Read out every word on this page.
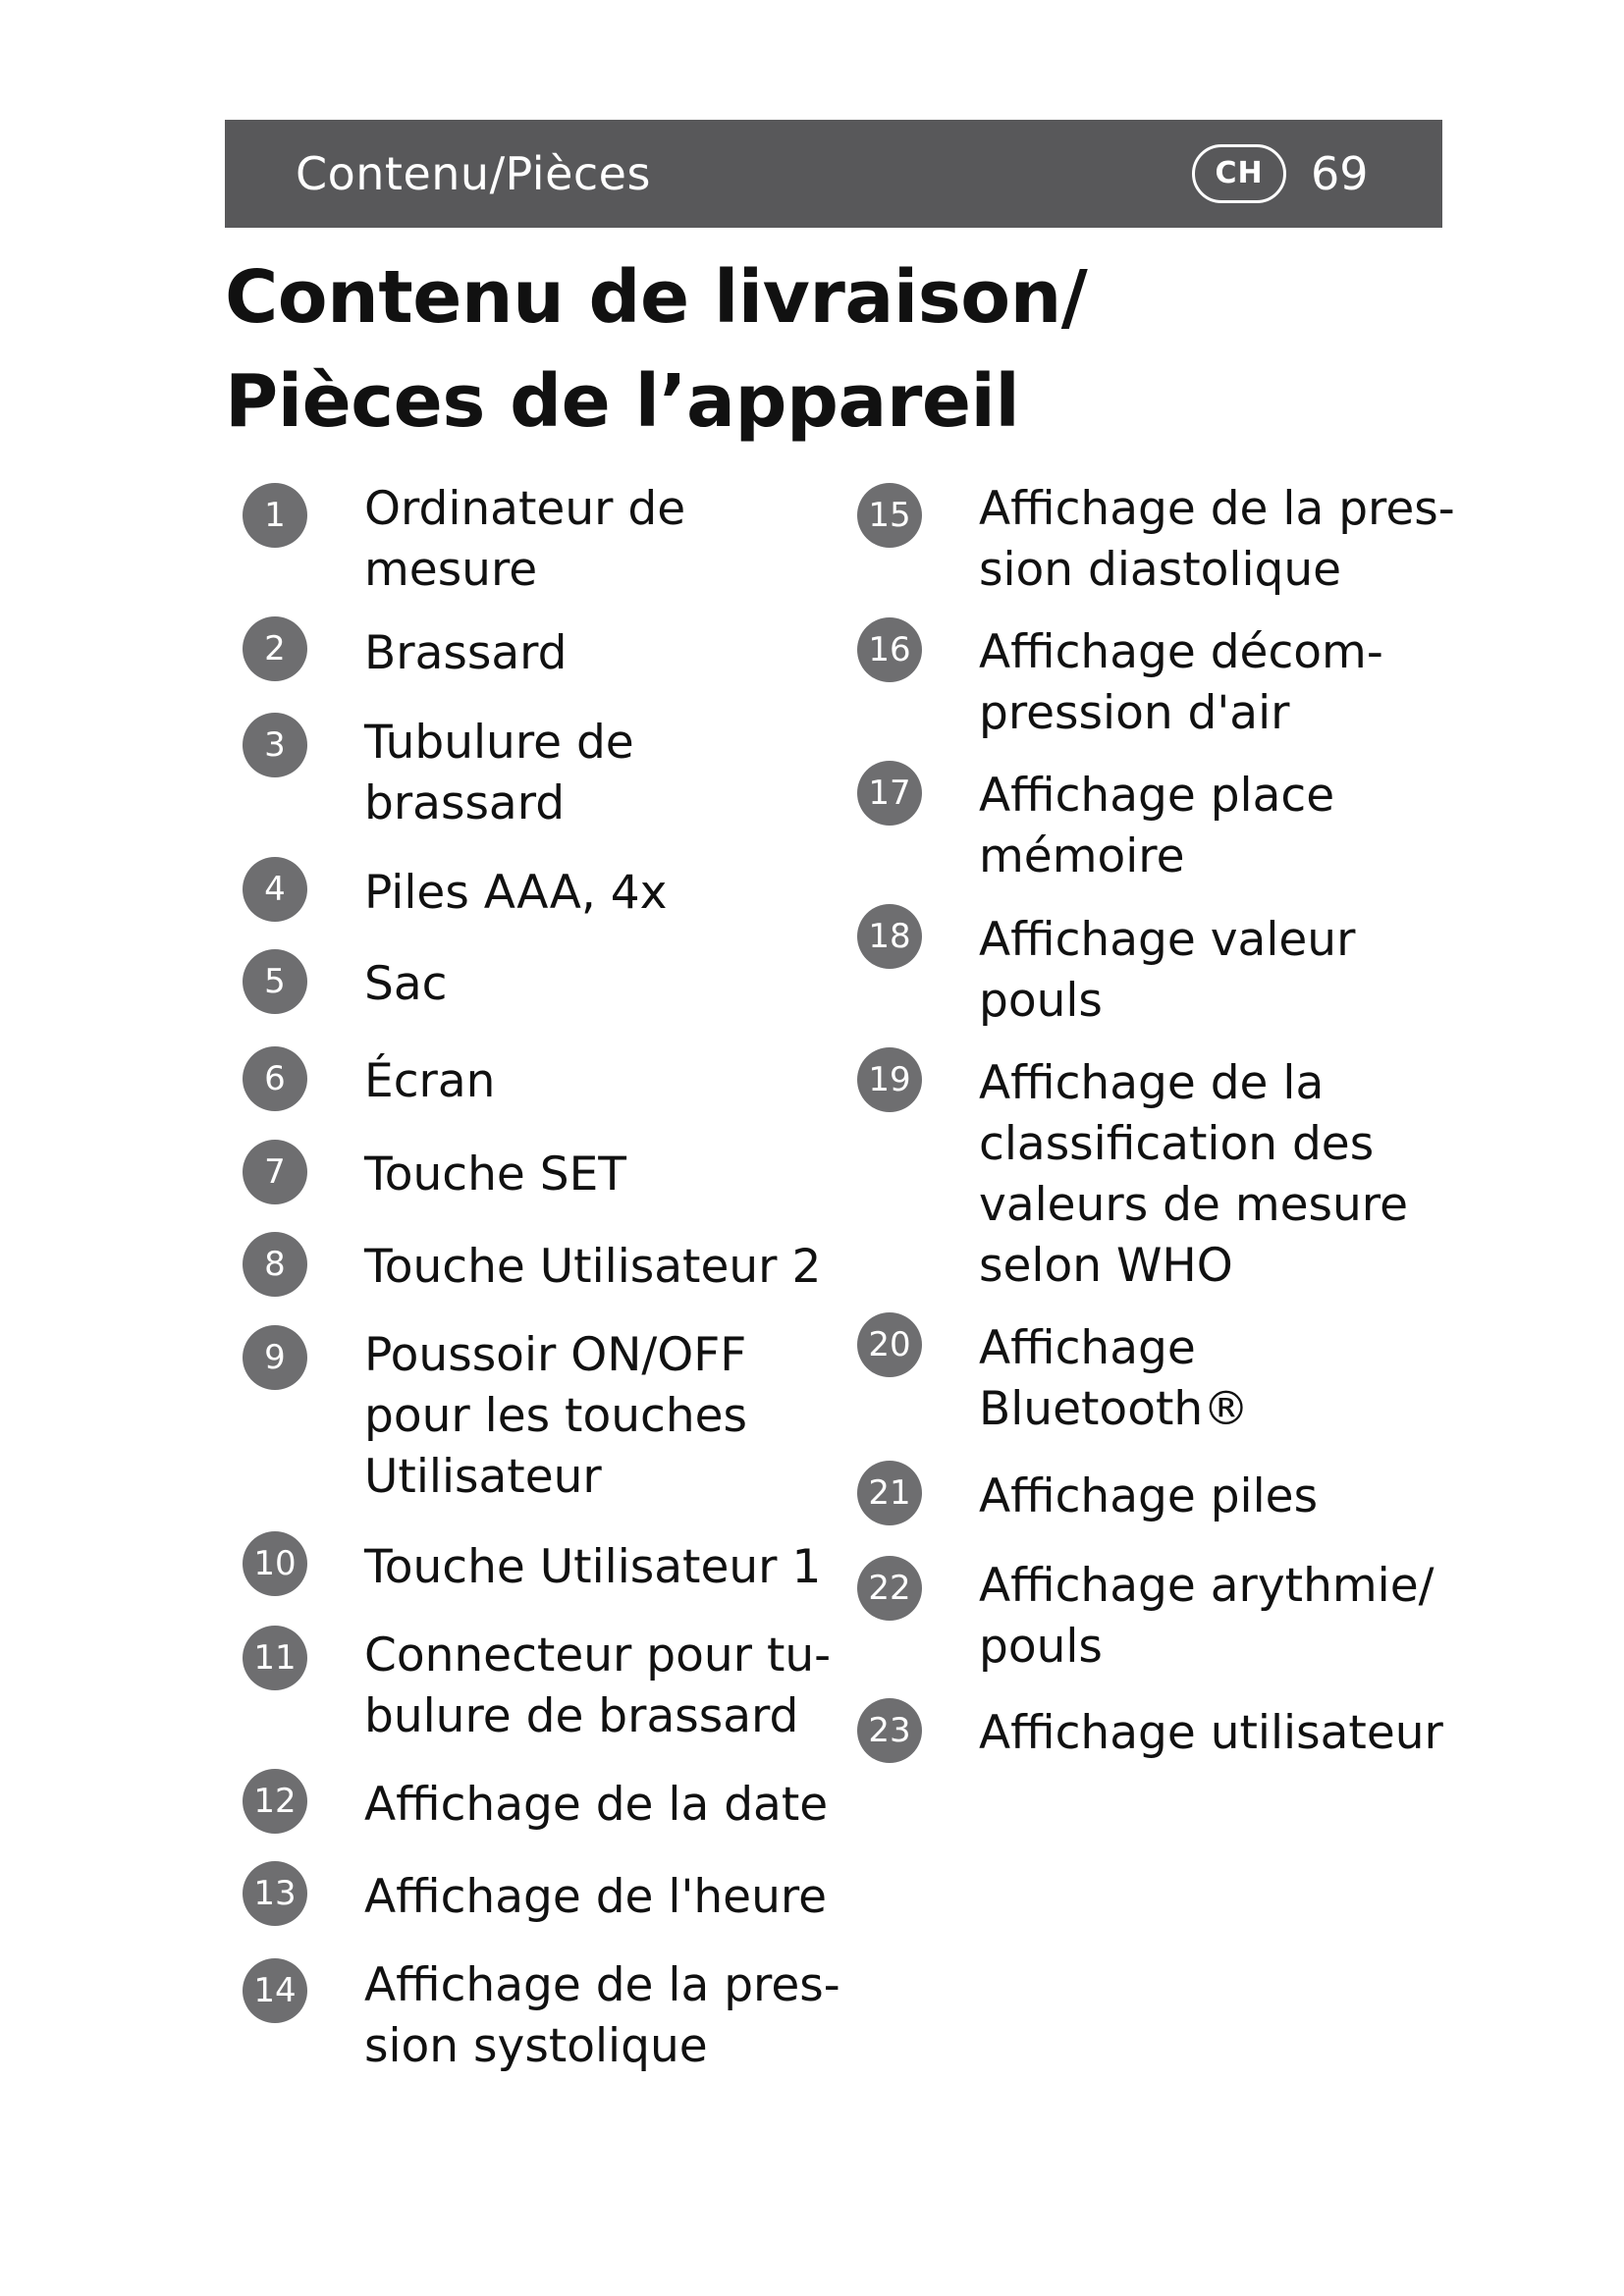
Contenu/Pièces	CH	69
Contenu de livraison/
Pièces de l’appareil
1	Ordinateur de
mesure
2	Brassard
3	Tubulure de
brassard
4	Piles AAA, 4x
5	Sac
6	Écran
7	Touche SET
8	Touche Utilisateur 2
9	Poussoir ON/OFF
pour les touches
Utilisateur
10 Touche Utilisateur 1
11 Connecteur pour tu-
bulure de brassard
12 Affichage de la date
13 Affichage de l'heure
14 Affichage de la pres-
sion systolique
15 Affichage de la pres-
sion diastolique
16 Affichage décom-
pression d'air
17 Affichage place
mémoire
18 Affichage valeur
pouls
19 Affichage de la
classification des
valeurs de mesure
selon WHO
20 Affichage
Bluetooth®
21 Affichage piles
22 Affichage arythmie/
pouls
23 Affichage utilisateur
